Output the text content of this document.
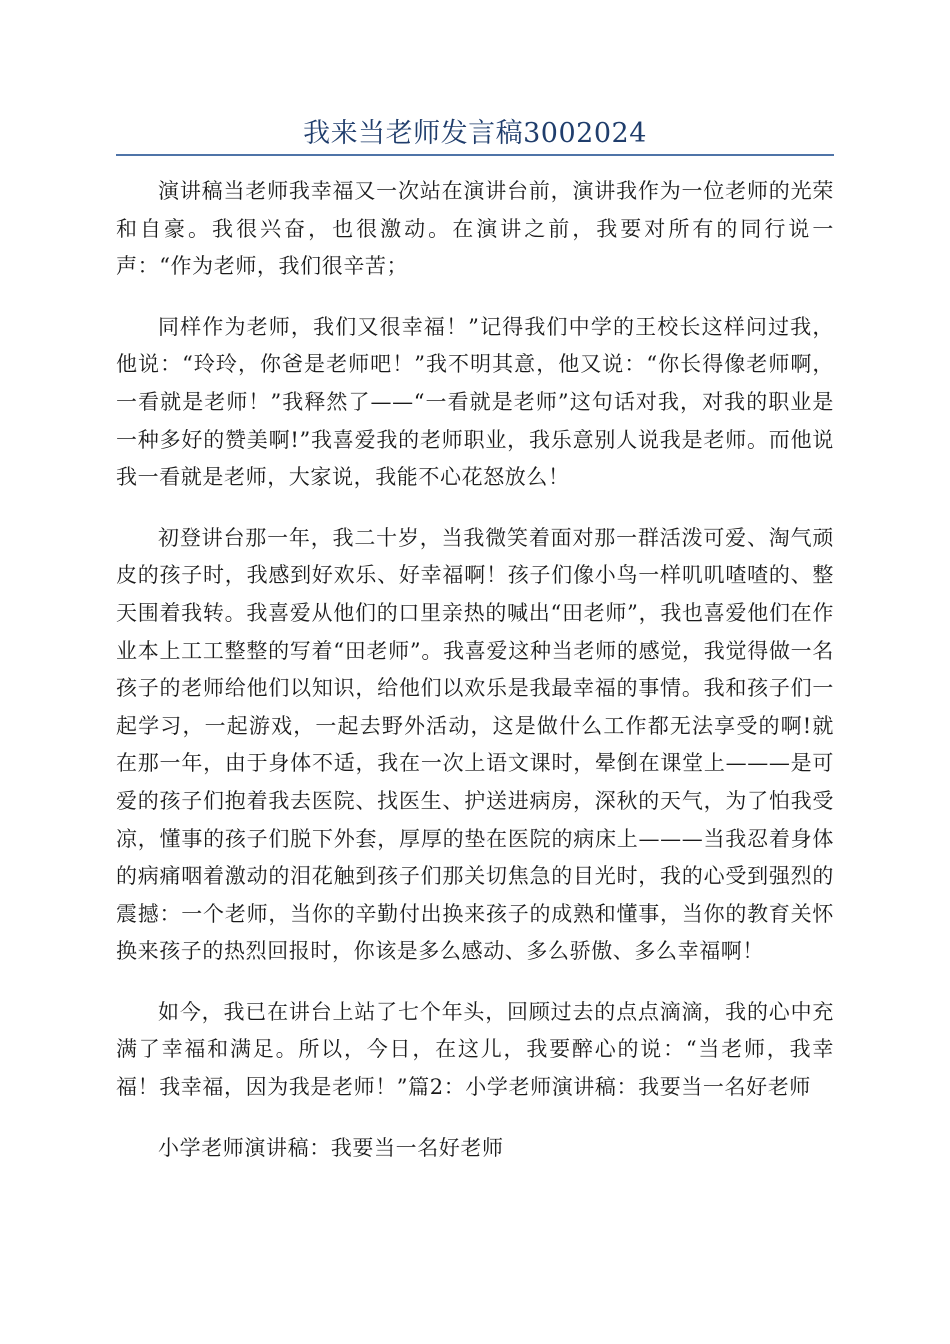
我来当老师发言稿3002024

演讲稿当老师我幸福又一次站在演讲台前，演讲我作为一位老师的光荣和自豪。我很兴奋，也很激动。在演讲之前，我要对所有的同行说一声：“作为老师，我们很辛苦；

同样作为老师，我们又很幸福！”记得我们中学的王校长这样问过我，他说：“玲玲，你爸是老师吧！”我不明其意，他又说：“你长得像老师啊，一看就是老师！”我释然了——“一看就是老师”这句话对我，对我的职业是一种多好的赞美啊!”我喜爱我的老师职业，我乐意别人说我是老师。而他说我一看就是老师，大家说，我能不心花怒放么！

初登讲台那一年，我二十岁，当我微笑着面对那一群活泼可爱、淘气顽皮的孩子时，我感到好欢乐、好幸福啊！孩子们像小鸟一样叽叽喳喳的、整天围着我转。我喜爱从他们的口里亲热的喊出“田老师”，我也喜爱他们在作业本上工工整整的写着“田老师”。我喜爱这种当老师的感觉，我觉得做一名孩子的老师给他们以知识，给他们以欢乐是我最幸福的事情。我和孩子们一起学习，一起游戏，一起去野外活动，这是做什么工作都无法享受的啊!就在那一年，由于身体不适，我在一次上语文课时，晕倒在课堂上———是可爱的孩子们抱着我去医院、找医生、护送进病房，深秋的天气，为了怕我受凉，懂事的孩子们脱下外套，厚厚的垫在医院的病床上———当我忍着身体的病痛咽着激动的泪花触到孩子们那关切焦急的目光时，我的心受到强烈的震撼：一个老师，当你的辛勤付出换来孩子的成熟和懂事，当你的教育关怀换来孩子的热烈回报时，你该是多么感动、多么骄傲、多么幸福啊！

如今，我已在讲台上站了七个年头，回顾过去的点点滴滴，我的心中充满了幸福和满足。所以，今日，在这儿，我要醉心的说：“当老师，我幸福！我幸福，因为我是老师！”篇2：小学老师演讲稿：我要当一名好老师

小学老师演讲稿：我要当一名好老师
